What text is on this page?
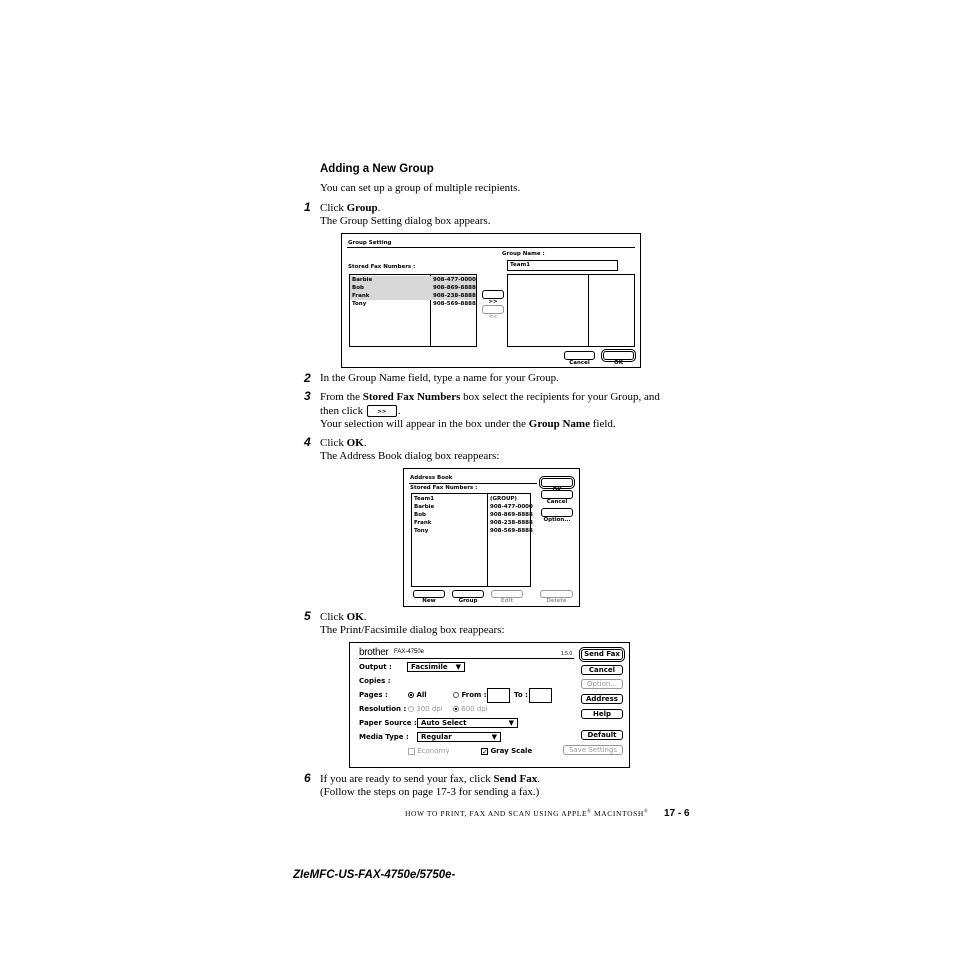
Adding a New Group
You can set up a group of multiple recipients.
1 Click Group.
The Group Setting dialog box appears.
Group Setting
Stored Fax Numbers :
Group Name :
Team1
Barbie	908-477-0000
Bob	908-869-8888
Frank	908-238-8888
Tony	908-569-8888	>>
<<
Cancel	OK
2 In the Group Name field, type a name for your Group.
3 From the Stored Fax Numbers box select the recipients for your Group, and
then click	>> .
Your selection will appear in the box under the Group Name field.
4 Click OK.
The Address Book dialog box reappears:
Address Book
Stored Fax Numbers :
Team1	(GROUP)
Barbie	908-477-0000
Bob	908-869-8888
Frank	908-238-8888
Tony	908-569-8888
Cancel
Option...
New	Group	Edit	Delete
5 Click OK.
The Print/Facsimile dialog box reappears:
brother FAX-4750e	1.5.0
Output :	Facsimile ▼
Copies :
Pages :	All	From :	To :
Resolution :	300 dpi	600 dpi
Paper Source : Auto Select	▼
Media Type :	Regular	▼
Economy	✓ Gray Scale
Send Fax
Cancel
Option...
Address
Help
Default
Save Settings
6 If you are ready to send your fax, click Send Fax.
(Follow the steps on page 17-3 for sending a fax.)
HOW TO PRINT, FAX AND SCAN USING APPLE® MACINTOSH® 17 - 6
ZIeMFC-US-FAX-4750e/5750e-
